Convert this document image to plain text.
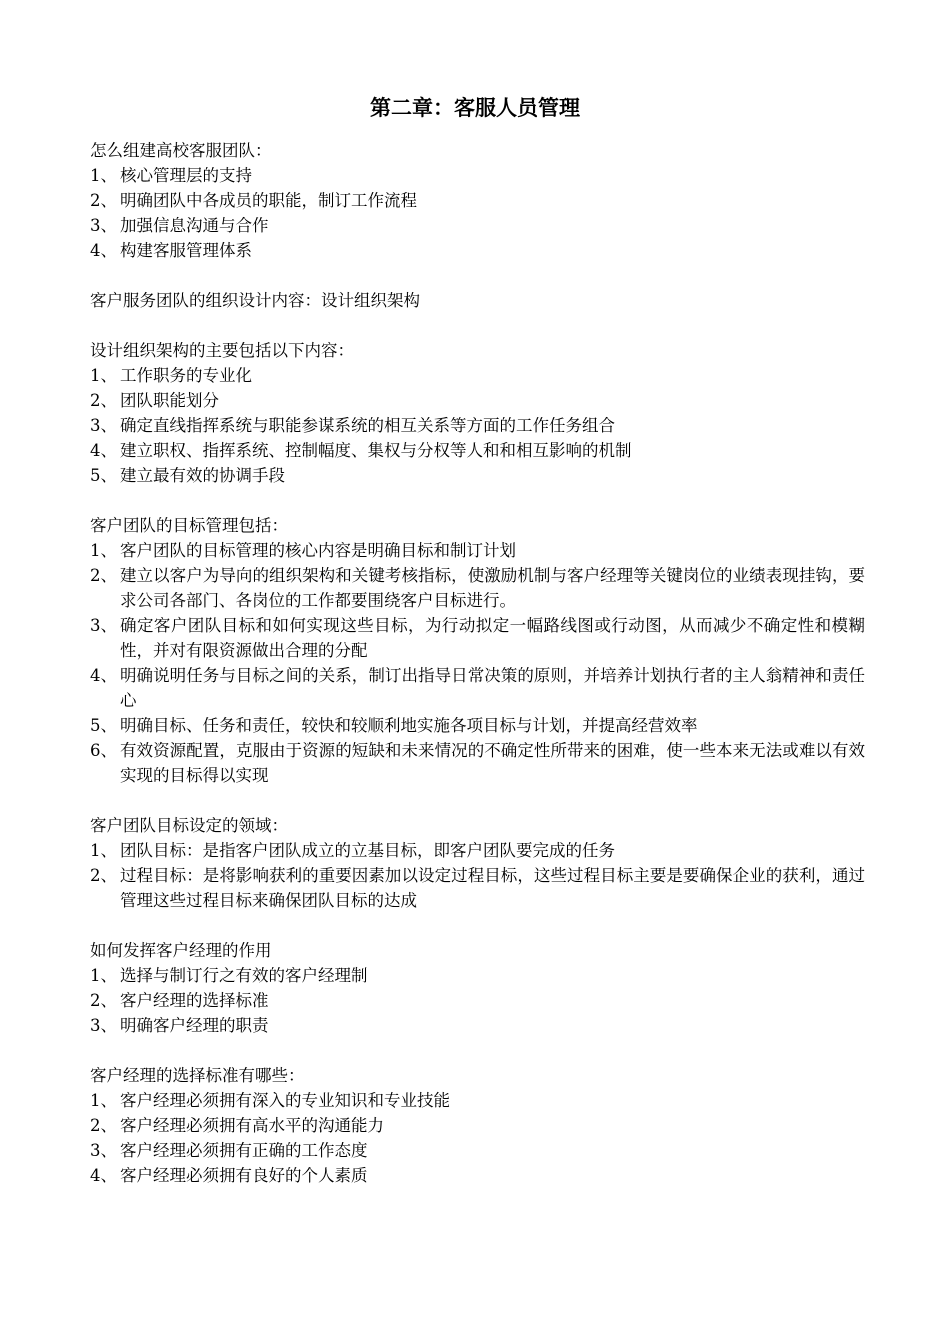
第二章：客服人员管理

怎么组建高校客服团队：

1、 核心管理层的支持
2、 明确团队中各成员的职能，制订工作流程
3、 加强信息沟通与合作
4、 构建客服管理体系

客户服务团队的组织设计内容：设计组织架构

设计组织架构的主要包括以下内容：

1、 工作职务的专业化
2、 团队职能划分
3、 确定直线指挥系统与职能参谋系统的相互关系等方面的工作任务组合
4、 建立职权、指挥系统、控制幅度、集权与分权等人和和相互影响的机制
5、 建立最有效的协调手段

客户团队的目标管理包括：

1、 客户团队的目标管理的核心内容是明确目标和制订计划
2、 建立以客户为导向的组织架构和关键考核指标，使激励机制与客户经理等关键岗位的业绩表现挂钩，要求公司各部门、各岗位的工作都要围绕客户目标进行。
3、 确定客户团队目标和如何实现这些目标，为行动拟定一幅路线图或行动图，从而减少不确定性和模糊性，并对有限资源做出合理的分配
4、 明确说明任务与目标之间的关系，制订出指导日常决策的原则，并培养计划执行者的主人翁精神和责任心
5、 明确目标、任务和责任，较快和较顺利地实施各项目标与计划，并提高经营效率
6、 有效资源配置，克服由于资源的短缺和未来情况的不确定性所带来的困难，使一些本来无法或难以有效实现的目标得以实现

客户团队目标设定的领域：

1、 团队目标：是指客户团队成立的立基目标，即客户团队要完成的任务
2、 过程目标：是将影响获利的重要因素加以设定过程目标，这些过程目标主要是要确保企业的获利，通过管理这些过程目标来确保团队目标的达成

如何发挥客户经理的作用

1、 选择与制订行之有效的客户经理制
2、 客户经理的选择标准
3、 明确客户经理的职责

客户经理的选择标准有哪些：

1、 客户经理必须拥有深入的专业知识和专业技能
2、 客户经理必须拥有高水平的沟通能力
3、 客户经理必须拥有正确的工作态度
4、 客户经理必须拥有良好的个人素质
